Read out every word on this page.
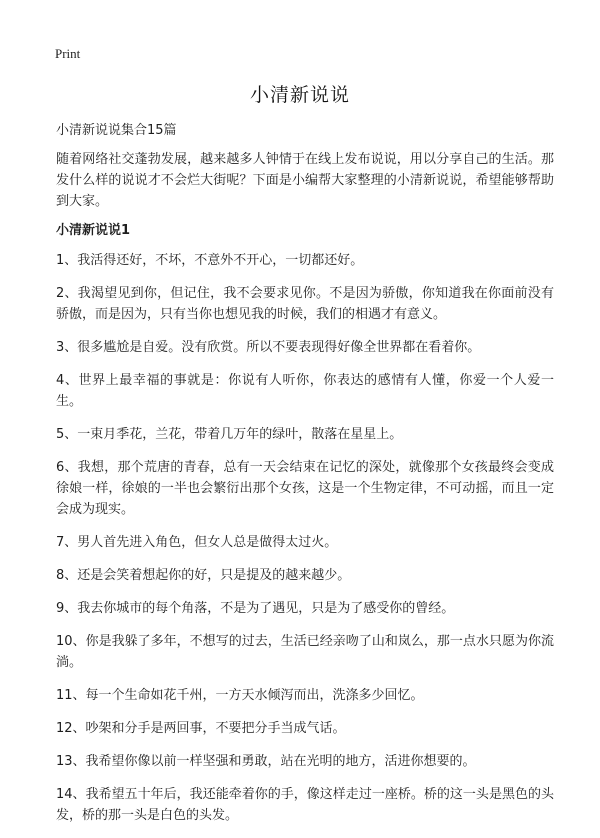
Print
小清新说说

小清新说说集合15篇

随着网络社交蓬勃发展，越来越多人钟情于在线上发布说说，用以分享自己的生活。那发什么样的说说才不会烂大街呢？下面是小编帮大家整理的小清新说说，希望能够帮助到大家。

小清新说说1

1、我活得还好，不坏，不意外不开心，一切都还好。

2、我渴望见到你，但记住，我不会要求见你。不是因为骄傲，你知道我在你面前没有骄傲，而是因为，只有当你也想见我的时候，我们的相遇才有意义。

3、很多尴尬是自爱。没有欣赏。所以不要表现得好像全世界都在看着你。

4、世界上最幸福的事就是：你说有人听你，你表达的感情有人懂，你爱一个人爱一生。

5、一束月季花，兰花，带着几万年的绿叶，散落在星星上。

6、我想，那个荒唐的青春，总有一天会结束在记忆的深处，就像那个女孩最终会变成徐娘一样，徐娘的一半也会繁衍出那个女孩，这是一个生物定律，不可动摇，而且一定会成为现实。

7、男人首先进入角色，但女人总是做得太过火。

8、还是会笑着想起你的好，只是提及的越来越少。

9、我去你城市的每个角落，不是为了遇见，只是为了感受你的曾经。

10、你是我躲了多年，不想写的过去，生活已经亲吻了山和岚么，那一点水只愿为你流淌。

11、每一个生命如花千州，一方天水倾泻而出，洗涤多少回忆。

12、吵架和分手是两回事，不要把分手当成气话。

13、我希望你像以前一样坚强和勇敢，站在光明的地方，活进你想要的。

14、我希望五十年后，我还能牵着你的手，像这样走过一座桥。桥的这一头是黑色的头发，桥的那一头是白色的头发。
